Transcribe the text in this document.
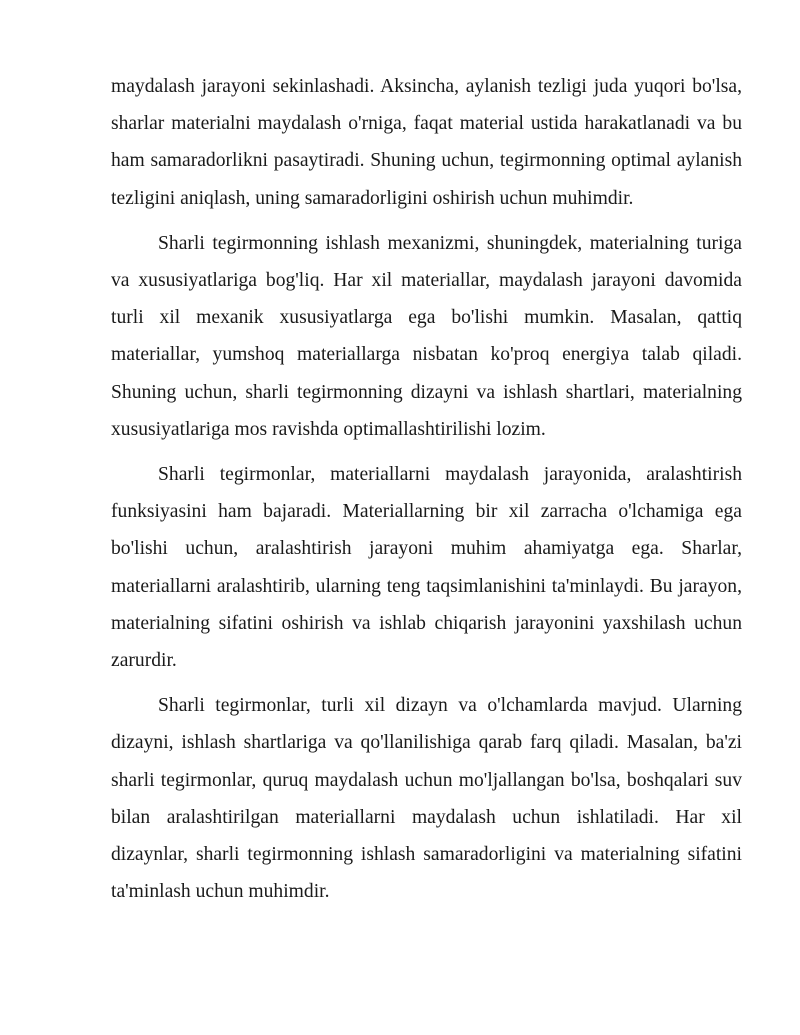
maydalash jarayoni sekinlashadi. Aksincha, aylanish tezligi juda yuqori bo'lsa, sharlar materialni maydalash o'rniga, faqat material ustida harakatlanadi va bu ham samaradorlikni pasaytiradi. Shuning uchun, tegirmonning optimal aylanish tezligini aniqlash, uning samaradorligini oshirish uchun muhimdir.

Sharli tegirmonning ishlash mexanizmi, shuningdek, materialning turiga va xususiyatlariga bog'liq. Har xil materiallar, maydalash jarayoni davomida turli xil mexanik xususiyatlarga ega bo'lishi mumkin. Masalan, qattiq materiallar, yumshoq materiallarga nisbatan ko'proq energiya talab qiladi. Shuning uchun, sharli tegirmonning dizayni va ishlash shartlari, materialning xususiyatlariga mos ravishda optimallashtirilishi lozim.

Sharli tegirmonlar, materiallarni maydalash jarayonida, aralashtirish funksiyasini ham bajaradi. Materiallarning bir xil zarracha o'lchamiga ega bo'lishi uchun, aralashtirish jarayoni muhim ahamiyatga ega. Sharlar, materiallarni aralashtirib, ularning teng taqsimlanishini ta'minlaydi. Bu jarayon, materialning sifatini oshirish va ishlab chiqarish jarayonini yaxshilash uchun zarurdir.

Sharli tegirmonlar, turli xil dizayn va o'lchamlarda mavjud. Ularning dizayni, ishlash shartlariga va qo'llanilishiga qarab farq qiladi. Masalan, ba'zi sharli tegirmonlar, quruq maydalash uchun mo'ljallangan bo'lsa, boshqalari suv bilan aralashtirilgan materiallarni maydalash uchun ishlatiladi. Har xil dizaynlar, sharli tegirmonning ishlash samaradorligini va materialning sifatini ta'minlash uchun muhimdir.
